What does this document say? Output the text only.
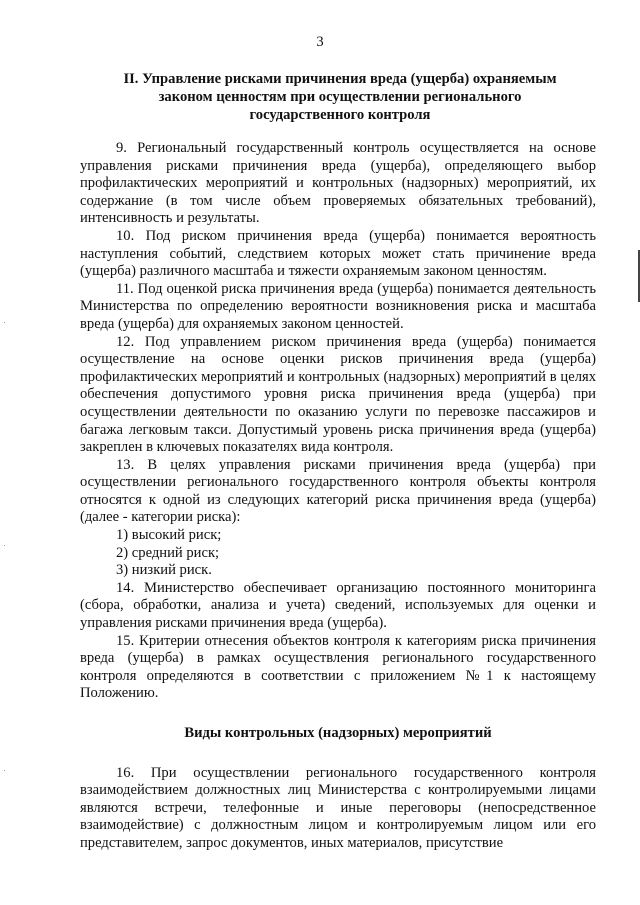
3
II. Управление рисками причинения вреда (ущерба) охраняемым законом ценностям при осуществлении регионального государственного контроля

9. Региональный государственный контроль осуществляется на основе управления рисками причинения вреда (ущерба), определяющего выбор профилактических мероприятий и контрольных (надзорных) мероприятий, их содержание (в том числе объем проверяемых обязательных требований), интенсивность и результаты.

10. Под риском причинения вреда (ущерба) понимается вероятность наступления событий, следствием которых может стать причинение вреда (ущерба) различного масштаба и тяжести охраняемым законом ценностям.

11. Под оценкой риска причинения вреда (ущерба) понимается деятельность Министерства по определению вероятности возникновения риска и масштаба вреда (ущерба) для охраняемых законом ценностей.

12. Под управлением риском причинения вреда (ущерба) понимается осуществление на основе оценки рисков причинения вреда (ущерба) профилактических мероприятий и контрольных (надзорных) мероприятий в целях обеспечения допустимого уровня риска причинения вреда (ущерба) при осуществлении деятельности по оказанию услуги по перевозке пассажиров и багажа легковым такси. Допустимый уровень риска причинения вреда (ущерба) закреплен в ключевых показателях вида контроля.

13. В целях управления рисками причинения вреда (ущерба) при осуществлении регионального государственного контроля объекты контроля относятся к одной из следующих категорий риска причинения вреда (ущерба) (далее - категории риска):

1) высокий риск;

2) средний риск;

3) низкий риск.

14. Министерство обеспечивает организацию постоянного мониторинга (сбора, обработки, анализа и учета) сведений, используемых для оценки и управления рисками причинения вреда (ущерба).

15. Критерии отнесения объектов контроля к категориям риска причинения вреда (ущерба) в рамках осуществления регионального государственного контроля определяются в соответствии с приложением №1 к настоящему Положению.

Виды контрольных (надзорных) мероприятий

16. При осуществлении регионального государственного контроля взаимодействием должностных лиц Министерства с контролируемыми лицами являются встречи, телефонные и иные переговоры (непосредственное взаимодействие) с должностным лицом и контролируемым лицом или его представителем, запрос документов, иных материалов, присутствие
